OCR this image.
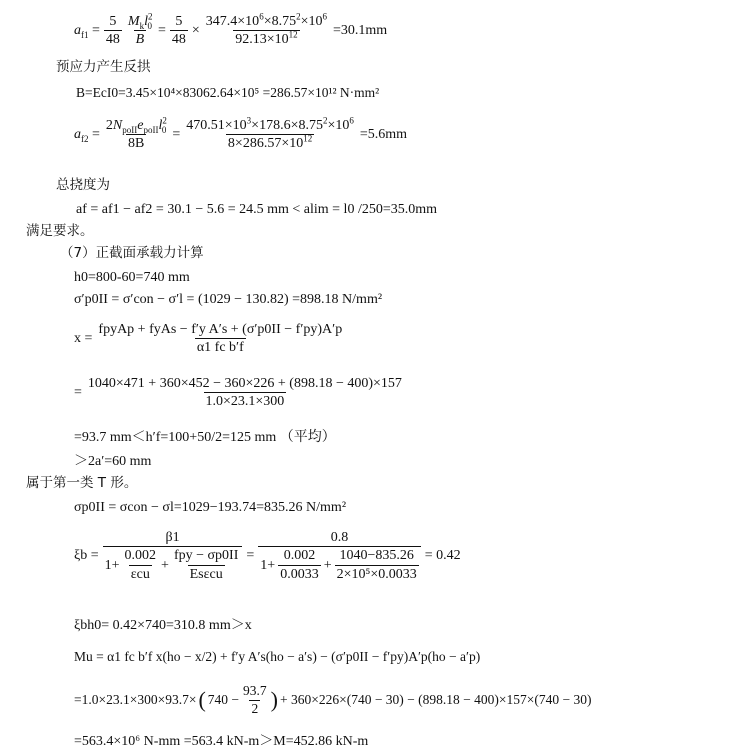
$a_{f1} = \frac{5}{48} \frac{M_kl^2_0}{B} = \frac{5}{48} \times \frac{347.4\times 10^6\times 8.75^2\times 10^6}{92.13\times 10^{12}} =30.1mm$
预应力产生反拱
B=EcI0=3.45×10⁴×83062.64×10⁵ =286.57×10¹² N·mm²
$a_{f2} = \frac{2N_{poII}e_{poII}l^2_0}{8B} = \frac{470.51\times 10^3\times 178.6\times 8.75^2\times 10^6}{8\times 286.57\times 10^{12}} =5.6mm$
总挠度为
af = af1 − af2 = 30.1 − 5.6 = 24.5 mm < alim = l0 /250=35.0mm
满足要求。
（7）正截面承载力计算
h0=800-60=740 mm
σ′p0II = σ′con − σ′l = (1029 − 130.82) =898.18 N/mm²
$x = \frac{\text{fpyAp + fyAs − f′y A′s + (σ′p0II − f′py)A′p}}{\text{α1 fc b′f}}$
= $\frac{1040\times 471 + 360\times 452 - 360\times 226 + (898.18 - 400)\times 157}{1.0\times 23.1\times 300}$
=93.7 mm＜h′f=100+50/2=125 mm （平均）
＞2a′=60 mm
属于第一类 T 形。
σp0II = σcon − σl=1029−193.74=835.26 N/mm²
$\xi b = \frac{\beta 1}{1+ \frac{0.002}{\text{εcu}} + \frac{\text{fpy − σp0II}}{\text{Esεcu}}} = \frac{0.8}{1+ \frac{0.002}{0.0033} + \frac{1040-835.26}{\text{2×10⁵×0.0033}}} = 0.42$
ξbh0= 0.42×740=310.8 mm＞x
Mu = α1 fc b′f x(ho − x/2) + f′y A′s(ho − a′s) − (σ′p0II − f′py)A′p(ho − a′p)
=1.0×23.1×300×93.7× ( $740 - \frac{93.7}{2}$ ) + 360×226×(740 − 30) − (898.18 − 400)×157×(740 − 30)
=563.4×10⁶ N-mm =563.4 kN-m＞M=452.86 kN-m
